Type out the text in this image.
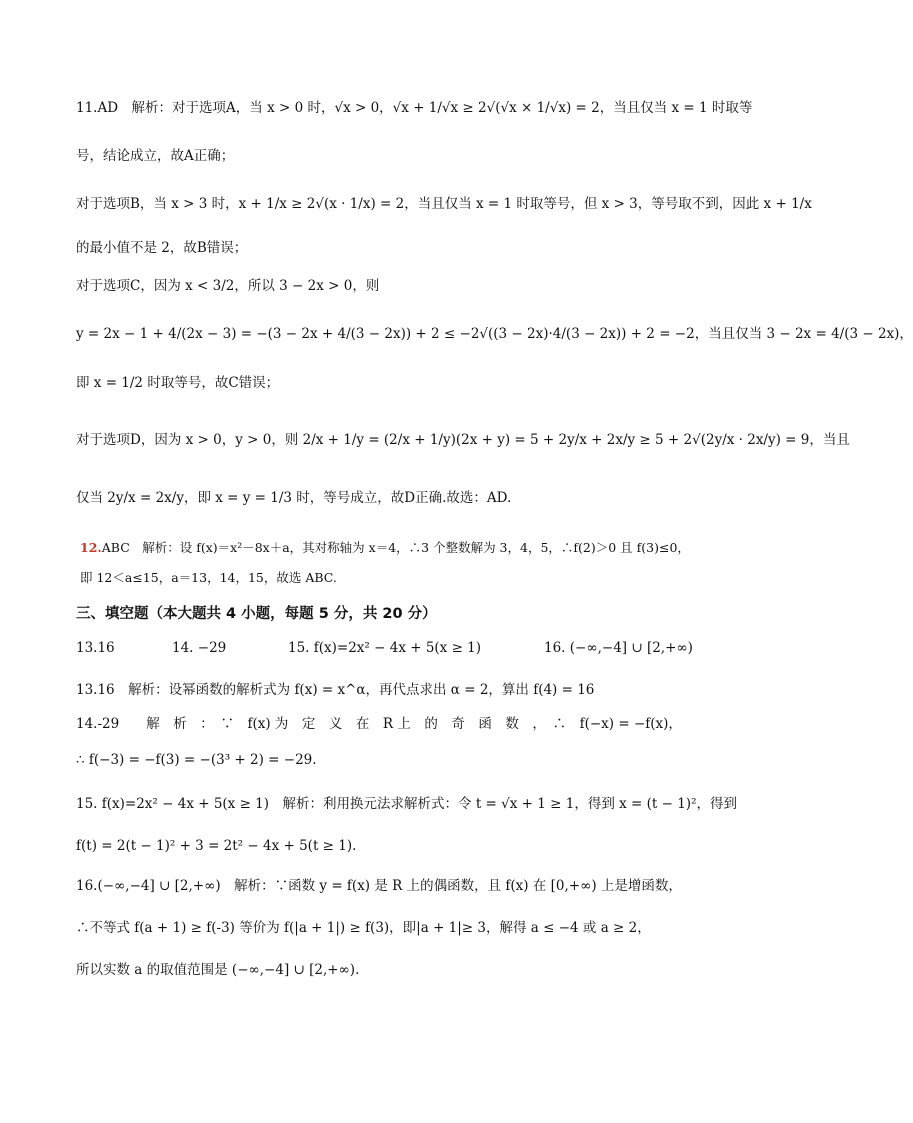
11.AD　解析：对于选项A，当 x > 0 时，√x > 0，√x + 1/√x ≥ 2√(√x × 1/√x) = 2，当且仅当 x = 1 时取等
号，结论成立，故A正确；
对于选项B，当 x > 3 时，x + 1/x ≥ 2√(x · 1/x) = 2，当且仅当 x = 1 时取等号，但 x > 3，等号取不到，因此 x + 1/x
的最小值不是 2，故B错误；
对于选项C，因为 x < 3/2，所以 3 − 2x > 0，则
y = 2x − 1 + 4/(2x − 3) = −(3 − 2x + 4/(3 − 2x)) + 2 ≤ −2√((3 − 2x)·4/(3 − 2x)) + 2 = −2，当且仅当 3 − 2x = 4/(3 − 2x)，
即 x = 1/2 时取等号，故C错误；
对于选项D，因为 x > 0，y > 0，则 2/x + 1/y = (2/x + 1/y)(2x + y) = 5 + 2y/x + 2x/y ≥ 5 + 2√(2y/x · 2x/y) = 9，当且
仅当 2y/x = 2x/y，即 x = y = 1/3 时，等号成立，故D正确.故选：AD.
12.ABC　解析：设 f(x)＝x²－8x＋a，其对称轴为 x＝4，∴3 个整数解为 3，4，5，∴f(2)＞0 且 f(3)≤0，
即 12＜a≤15，a＝13，14，15，故选 ABC.
三、填空题（本大题共 4 小题，每题 5 分，共 20 分）
13.16	14. −29	15. f(x)=2x² − 4x + 5(x ≥ 1)	16. (−∞,−4] ∪ [2,+∞)
13.16　解析：设幂函数的解析式为 f(x) = x^α，再代点求出 α = 2，算出 f(4) = 16
14.-29　　解　析　：　∵　f(x) 为　定　义　在　R 上　的　奇　函　数　，　∴　f(−x) = −f(x)，
∴ f(−3) = −f(3) = −(3³ + 2) = −29.
15. f(x)=2x² − 4x + 5(x ≥ 1)　解析：利用换元法求解析式：令 t = √x + 1 ≥ 1，得到 x = (t − 1)²，得到
f(t) = 2(t − 1)² + 3 = 2t² − 4x + 5(t ≥ 1).
16.(−∞,−4] ∪ [2,+∞)　解析：∵函数 y = f(x) 是 R 上的偶函数，且 f(x) 在 [0,+∞) 上是增函数，
∴不等式 f(a + 1) ≥ f(-3) 等价为 f(|a + 1|) ≥ f(3)，即|a + 1|≥ 3，解得 a ≤ −4 或 a ≥ 2，
所以实数 a 的取值范围是 (−∞,−4] ∪ [2,+∞).
